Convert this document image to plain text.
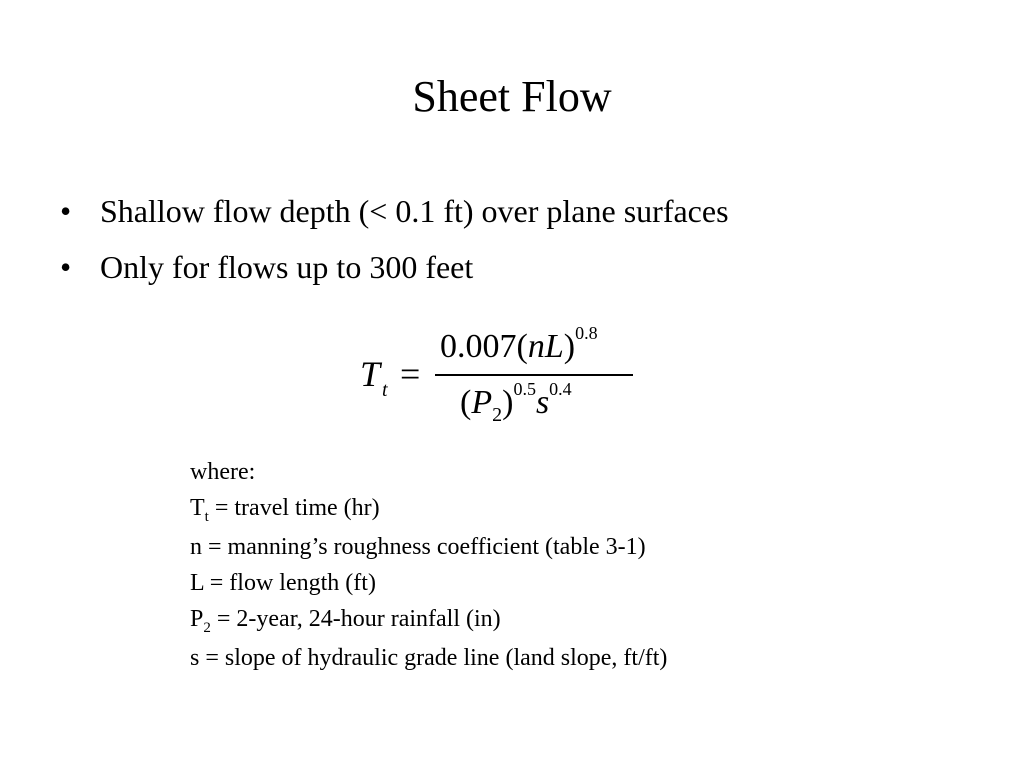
Sheet Flow
• Shallow flow depth (< 0.1 ft) over plane surfaces
• Only for flows up to 300 feet
T $_t$ =
0.007(nL)$^{0.8}$
$(P_2)^{0.5}s^{0.4}$
where:
$T_t$ = travel time (hr)
n = manning’s roughness coefficient (table 3-1)
L = flow length (ft)
$P_2$ = 2-year, 24-hour rainfall (in)
s = slope of hydraulic grade line (land slope, ft/ft)
